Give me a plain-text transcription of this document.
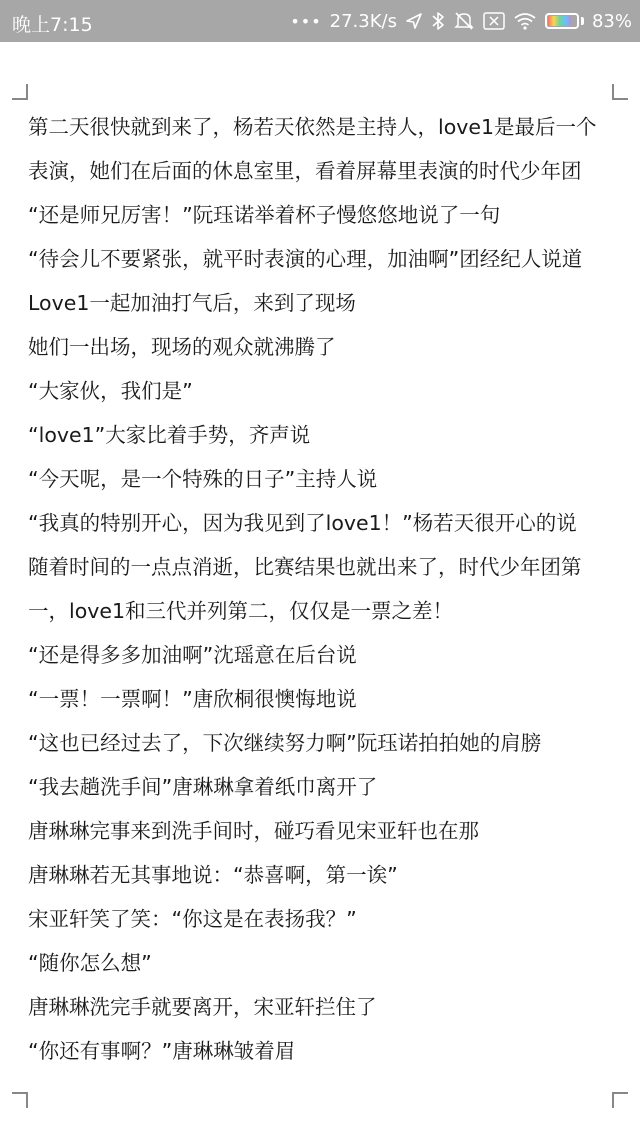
晚上7:15	••• 27.3K/s	83%
第二天很快就到来了，杨若天依然是主持人，love1是最后一个
表演，她们在后面的休息室里，看着屏幕里表演的时代少年团
“还是师兄厉害！”阮珏诺举着杯子慢悠悠地说了一句
“待会儿不要紧张，就平时表演的心理，加油啊”团经纪人说道
Love1一起加油打气后，来到了现场
她们一出场，现场的观众就沸腾了
“大家伙，我们是”
“love1”大家比着手势，齐声说
“今天呢，是一个特殊的日子”主持人说
“我真的特别开心，因为我见到了love1！”杨若天很开心的说
随着时间的一点点消逝，比赛结果也就出来了，时代少年团第
一，love1和三代并列第二，仅仅是一票之差！
“还是得多多加油啊”沈瑶意在后台说
“一票！一票啊！”唐欣桐很懊悔地说
“这也已经过去了，下次继续努力啊”阮珏诺拍拍她的肩膀
“我去趟洗手间”唐琳琳拿着纸巾离开了
唐琳琳完事来到洗手间时，碰巧看见宋亚轩也在那
唐琳琳若无其事地说：“恭喜啊，第一诶”
宋亚轩笑了笑：“你这是在表扬我？”
“随你怎么想”
唐琳琳洗完手就要离开，宋亚轩拦住了
“你还有事啊？”唐琳琳皱着眉
